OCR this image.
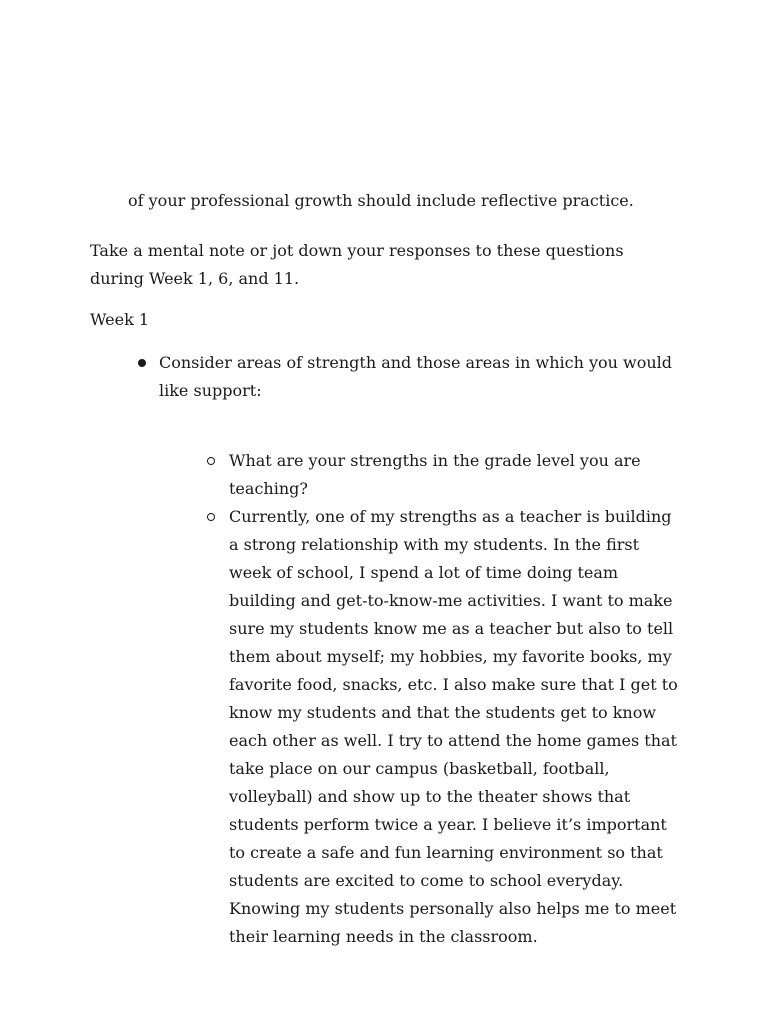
of your professional growth should include reflective practice.

Take a mental note or jot down your responses to these questions during Week 1, 6, and 11.

Week 1

Consider areas of strength and those areas in which you would like support:
What are your strengths in the grade level you are teaching?
Currently, one of my strengths as a teacher is building a strong relationship with my students. In the first week of school, I spend a lot of time doing team building and get-to-know-me activities. I want to make sure my students know me as a teacher but also to tell them about myself; my hobbies, my favorite books, my favorite food, snacks, etc. I also make sure that I get to know my students and that the students get to know each other as well. I try to attend the home games that take place on our campus (basketball, football, volleyball) and show up to the theater shows that students perform twice a year. I believe it’s important to create a safe and fun learning environment so that students are excited to come to school everyday. Knowing my students personally also helps me to meet their learning needs in the classroom.
